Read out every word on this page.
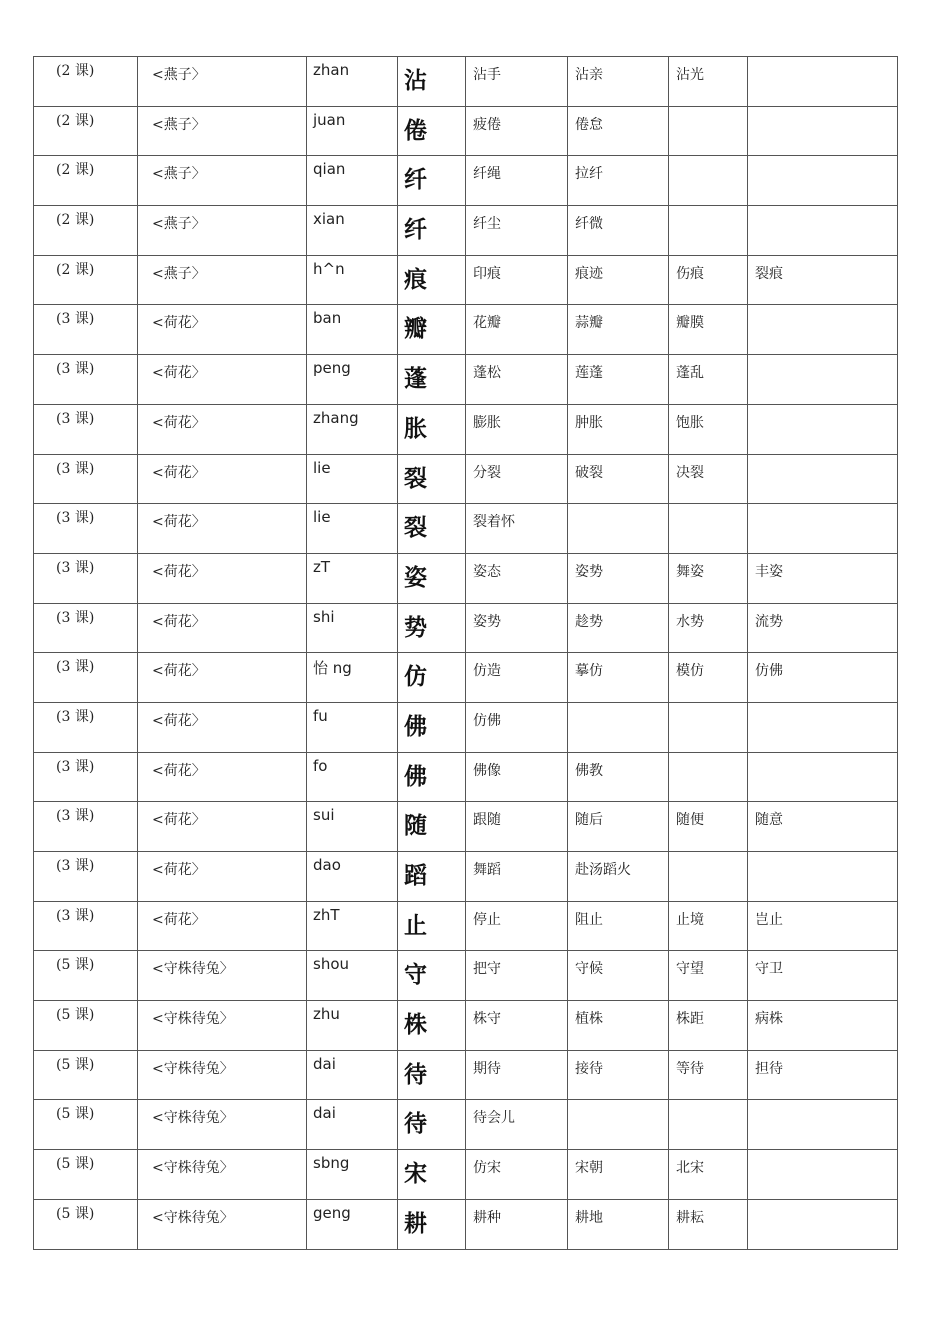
(2 课)	<燕子〉	zhan	沾	沾手	沾亲	沾光	
(2 课)	<燕子〉	juan	倦	疲倦	倦怠		
(2 课)	<燕子〉	qian	纤	纤绳	拉纤		
(2 课)	<燕子〉	xian	纤	纤尘	纤微		
(2 课)	<燕子〉	h^n	痕	印痕	痕迹	伤痕	裂痕
(3 课)	<荷花〉	ban	瓣	花瓣	蒜瓣	瓣膜	
(3 课)	<荷花〉	peng	蓬	蓬松	莲蓬	蓬乱	
(3 课)	<荷花〉	zhang	胀	膨胀	肿胀	饱胀	
(3 课)	<荷花〉	lie	裂	分裂	破裂	决裂	
(3 课)	<荷花〉	lie	裂	裂着怀			
(3 课)	<荷花〉	zT	姿	姿态	姿势	舞姿	丰姿
(3 课)	<荷花〉	shi	势	姿势	趁势	水势	流势
(3 课)	<荷花〉	怡 ng	仿	仿造	摹仿	模仿	仿佛
(3 课)	<荷花〉	fu	佛	仿佛			
(3 课)	<荷花〉	fo	佛	佛像	佛教		
(3 课)	<荷花〉	sui	随	跟随	随后	随便	随意
(3 课)	<荷花〉	dao	蹈	舞蹈	赴汤蹈火		
(3 课)	<荷花〉	zhT	止	停止	阻止	止境	岂止
(5 课)	<守株待兔〉	shou	守	把守	守候	守望	守卫
(5 课)	<守株待兔〉	zhu	株	株守	植株	株距	病株
(5 课)	<守株待兔〉	dai	待	期待	接待	等待	担待
(5 课)	<守株待兔〉	dai	待	待会儿			
(5 课)	<守株待兔〉	sbng	宋	仿宋	宋朝	北宋	
(5 课)	<守株待兔〉	geng	耕	耕种	耕地	耕耘	
